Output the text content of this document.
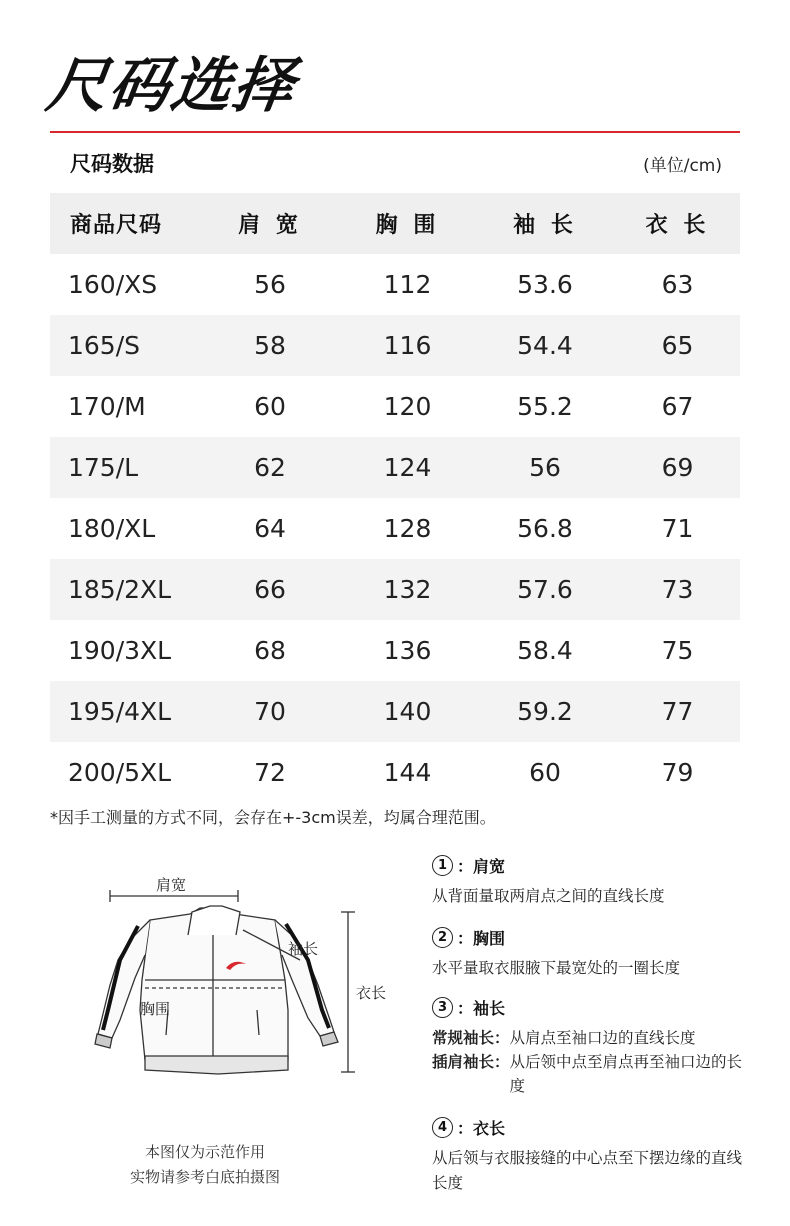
尺码选择
尺码数据	(单位/cm)
商品尺码	肩 宽	胸 围	袖 长	衣 长
160/XS	56	112	53.6	63
165/S	58	116	54.4	65
170/M	60	120	55.2	67
175/L	62	124	56	69
180/XL	64	128	56.8	71
185/2XL	66	132	57.6	73
190/3XL	68	136	58.4	75
195/4XL	70	140	59.2	77
200/5XL	72	144	60	79
*因手工测量的方式不同，会存在+-3cm误差，均属合理范围。
肩宽
袖长
衣长
胸围
本图仅为示范作用
实物请参考白底拍摄图
1 ：肩宽
从背面量取两肩点之间的直线长度
2 ：胸围
水平量取衣服腋下最宽处的一圈长度
3 ：袖长
常规袖长： 从肩点至袖口边的直线长度
插肩袖长： 从后领中点至肩点再至袖口边的长度
4 ：衣长
从后领与衣服接缝的中心点至下摆边缘的直线长度
